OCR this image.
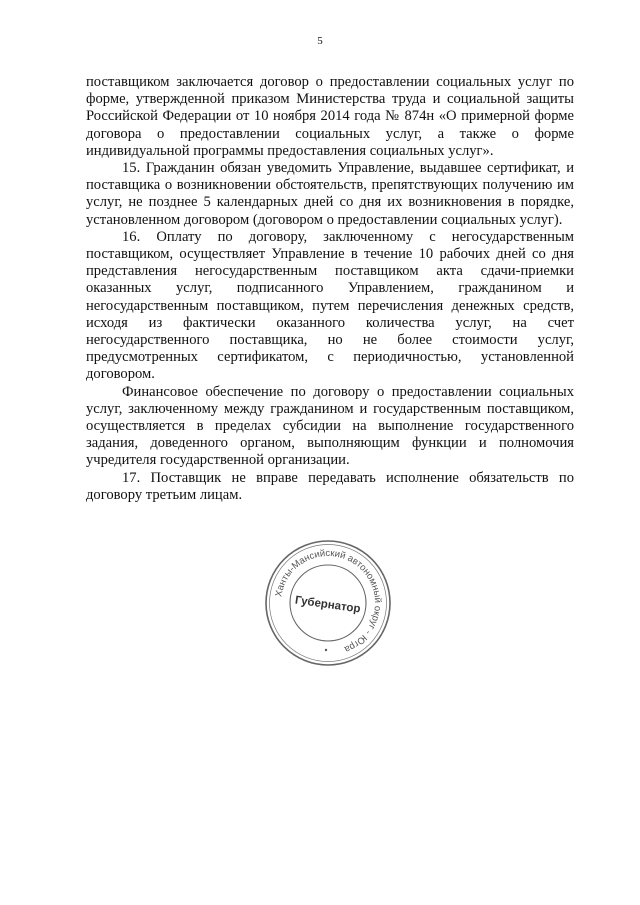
5

поставщиком заключается договор о предоставлении социальных услуг по форме, утвержденной приказом Министерства труда и социальной защиты Российской Федерации от 10 ноября 2014 года № 874н «О примерной форме договора о предоставлении социальных услуг, а также о форме индивидуальной программы предоставления социальных услуг».

15. Гражданин обязан уведомить Управление, выдавшее сертификат, и поставщика о возникновении обстоятельств, препятствующих получению им услуг, не позднее 5 календарных дней со дня их возникновения в порядке, установленном договором (договором о предоставлении социальных услуг).

16. Оплату по договору, заключенному с негосударственным поставщиком, осуществляет Управление в течение 10 рабочих дней со дня представления негосударственным поставщиком акта сдачи-приемки оказанных услуг, подписанного Управлением, гражданином и негосударственным поставщиком, путем перечисления денежных средств, исходя из фактически оказанного количества услуг, на счет негосударственного поставщика, но не более стоимости услуг, предусмотренных сертификатом, с периодичностью, установленной договором.

Финансовое обеспечение по договору о предоставлении социальных услуг, заключенному между гражданином и государственным поставщиком, осуществляется в пределах субсидии на выполнение государственного задания, доведенного органом, выполняющим функции и полномочия учредителя государственной организации.

17. Поставщик не вправе передавать исполнение обязательств по договору третьим лицам.

Ханты-Мансийский автономный округ - Югра
Губернатор
